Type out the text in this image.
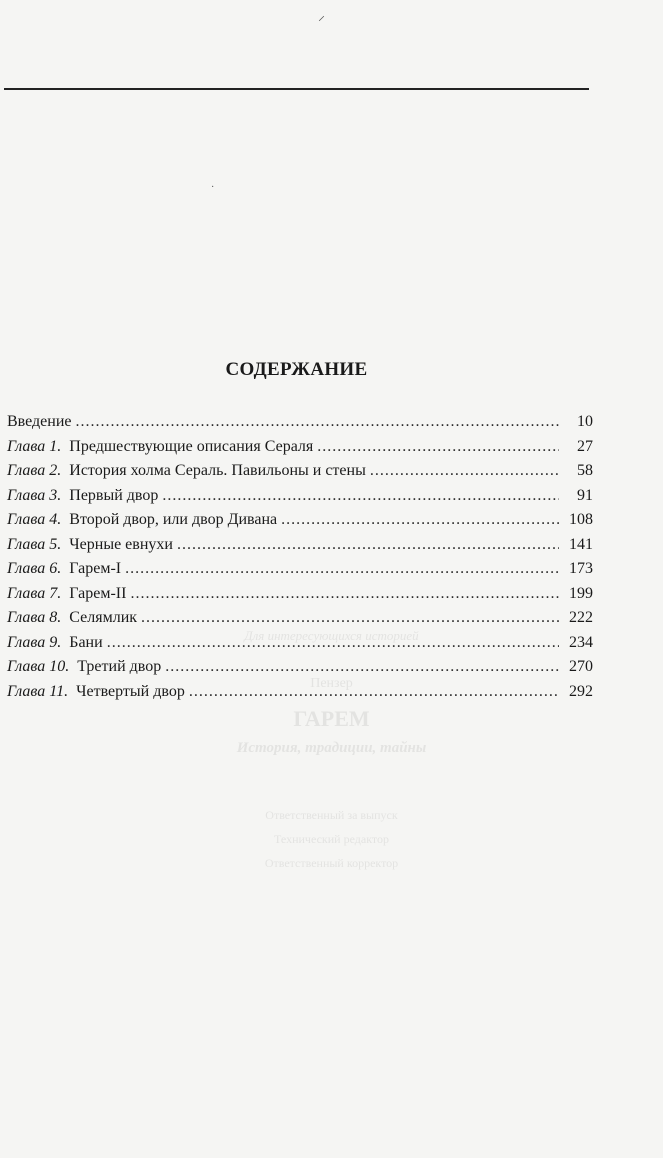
⸝
·
Для интересующихся историей
Пензер
ГАРЕМ
История, традиции, тайны
Ответственный за выпуск
Технический редактор
Ответственный корректор
СОДЕРЖАНИЕ
Введение .....	10
Глава 1. Предшествующие описания Сераля .....	27
Глава 2. История холма Сераль. Павильоны и стены .....	58
Глава 3. Первый двор .....	91
Глава 4. Второй двор, или двор Дивана .....	108
Глава 5. Черные евнухи .....	141
Глава 6. Гарем-I .....	173
Глава 7. Гарем-II .....	199
Глава 8. Селямлик .....	222
Глава 9. Бани .....	234
Глава 10. Третий двор .....	270
Глава 11. Четвертый двор .....	292
